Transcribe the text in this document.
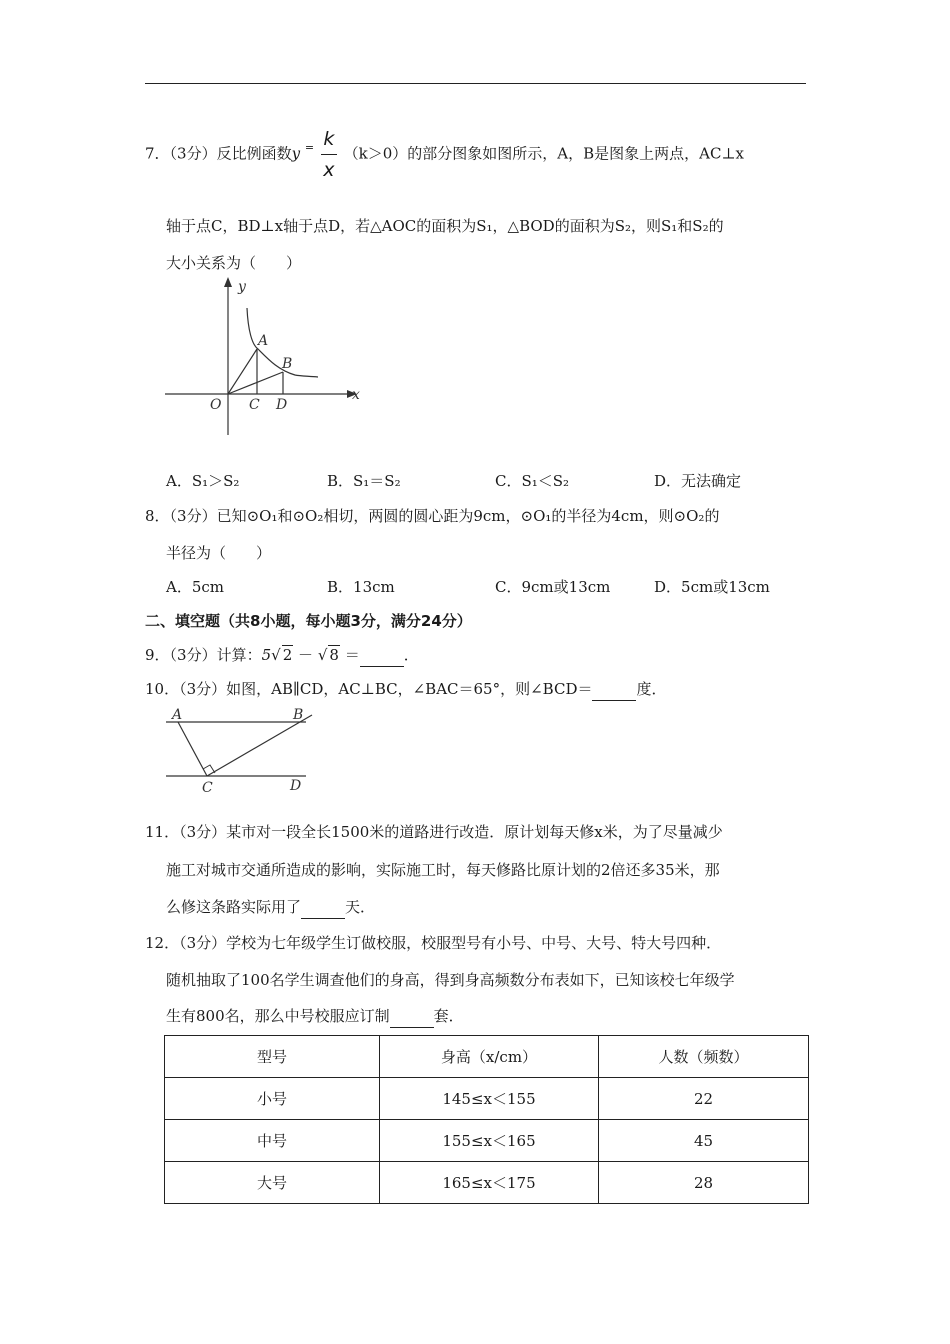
7．（3分）反比例函数y $^= \frac{k}{x} (k>0)$的部分图象如图所示，A，B是图象上两点，AC⊥x
轴于点C，BD⊥x轴于点D，若△AOC的面积为S₁，△BOD的面积为S₂，则S₁和S₂的
大小关系为（　　）
y
x
O
A
B
C D
A．S₁＞S₂	B．S₁＝S₂	C．S₁＜S₂	D．无法确定
8．（3分）已知⊙O₁和⊙O₂相切，两圆的圆心距为9cm，⊙O₁的半径为4cm，则⊙O₂的
半径为（　　）
A．5cm	B．13cm	C．9cm或13cm	D．5cm或13cm
二、填空题（共8小题，每小题3分，满分24分）
9．（3分）计算：5√ 2 － √ 8 ＝	．
10．（3分）如图，AB∥CD，AC⊥BC，∠BAC＝65°，则∠BCD＝	度．
A	B
C	D
11．（3分）某市对一段全长1500米的道路进行改造．原计划每天修x米，为了尽量减少
施工对城市交通所造成的影响，实际施工时，每天修路比原计划的2倍还多35米，那
么修这条路实际用了	天．
12．（3分）学校为七年级学生订做校服，校服型号有小号、中号、大号、特大号四种．
随机抽取了100名学生调查他们的身高，得到身高频数分布表如下，已知该校七年级学
生有800名，那么中号校服应订制	套．
型号	身高（x/cm）	人数（频数）
小号	145≤x＜155	22
中号	155≤x＜165	45
大号	165≤x＜175	28
